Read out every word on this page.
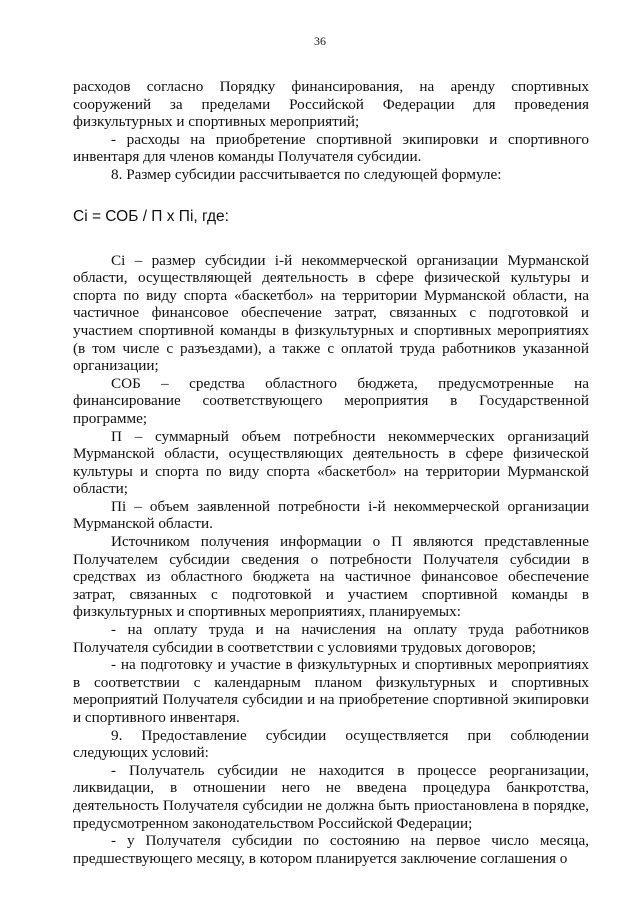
36

расходов согласно Порядку финансирования, на аренду спортивных сооружений за пределами Российской Федерации для проведения физкультурных и спортивных мероприятий;

- расходы на приобретение спортивной экипировки и спортивного инвентаря для членов команды Получателя субсидии.

8. Размер субсидии рассчитывается по следующей формуле:

Ci = СОБ / П x Пi, где:

Ci – размер субсидии i-й некоммерческой организации Мурманской области, осуществляющей деятельность в сфере физической культуры и спорта по виду спорта «баскетбол» на территории Мурманской области, на частичное финансовое обеспечение затрат, связанных с подготовкой и участием спортивной команды в физкультурных и спортивных мероприятиях (в том числе с разъездами), а также с оплатой труда работников указанной организации;

СОБ – средства областного бюджета, предусмотренные на финансирование соответствующего мероприятия в Государственной программе;

П – суммарный объем потребности некоммерческих организаций Мурманской области, осуществляющих деятельность в сфере физической культуры и спорта по виду спорта «баскетбол» на территории Мурманской области;

Пi – объем заявленной потребности i-й некоммерческой организации Мурманской области.

Источником получения информации о П являются представленные Получателем субсидии сведения о потребности Получателя субсидии в средствах из областного бюджета на частичное финансовое обеспечение затрат, связанных с подготовкой и участием спортивной команды в физкультурных и спортивных мероприятиях, планируемых:

- на оплату труда и на начисления на оплату труда работников Получателя субсидии в соответствии с условиями трудовых договоров;

- на подготовку и участие в физкультурных и спортивных мероприятиях в соответствии с календарным планом физкультурных и спортивных мероприятий Получателя субсидии и на приобретение спортивной экипировки и спортивного инвентаря.

9. Предоставление субсидии осуществляется при соблюдении следующих условий:

- Получатель субсидии не находится в процессе реорганизации, ликвидации, в отношении него не введена процедура банкротства, деятельность Получателя субсидии не должна быть приостановлена в порядке, предусмотренном законодательством Российской Федерации;

- у Получателя субсидии по состоянию на первое число месяца, предшествующего месяцу, в котором планируется заключение соглашения о
